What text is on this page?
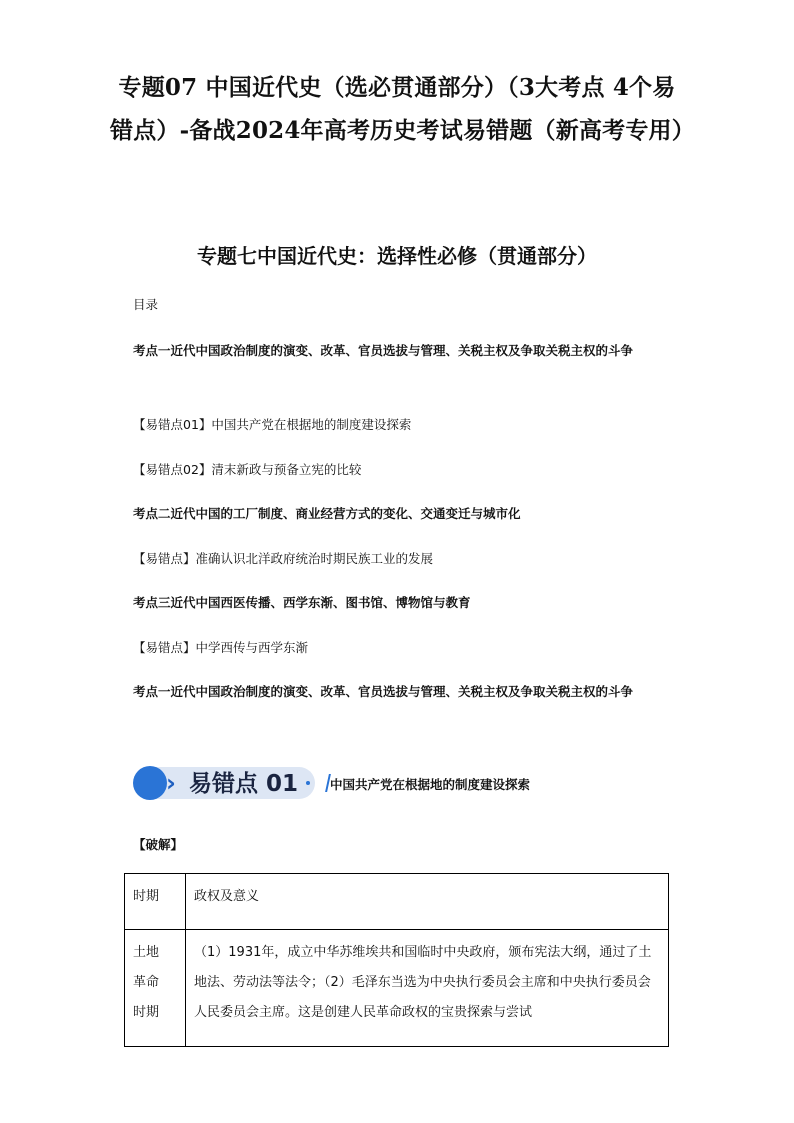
专题07 中国近代史（选必贯通部分）（3大考点 4个易错点）-备战2024年高考历史考试易错题（新高考专用）
专题七中国近代史：选择性必修（贯通部分）

目录

考点一近代中国政治制度的演变、改革、官员选拔与管理、关税主权及争取关税主权的斗争

【易错点01】中国共产党在根据地的制度建设探索

【易错点02】清末新政与预备立宪的比较

考点二近代中国的工厂制度、商业经营方式的变化、交通变迁与城市化

【易错点】准确认识北洋政府统治时期民族工业的发展

考点三近代中国西医传播、西学东渐、图书馆、博物馆与教育

【易错点】中学西传与西学东渐

考点一近代中国政治制度的演变、改革、官员选拔与管理、关税主权及争取关税主权的斗争

› 易错点 01	中国共产党在根据地的制度建设探索

【破解】

时期	政权及意义

土地革命时期	（1）1931年，成立中华苏维埃共和国临时中央政府，颁布宪法大纲，通过了土地法、劳动法等法令；（2）毛泽东当选为中央执行委员会主席和中央执行委员会人民委员会主席。这是创建人民革命政权的宝贵探索与尝试
